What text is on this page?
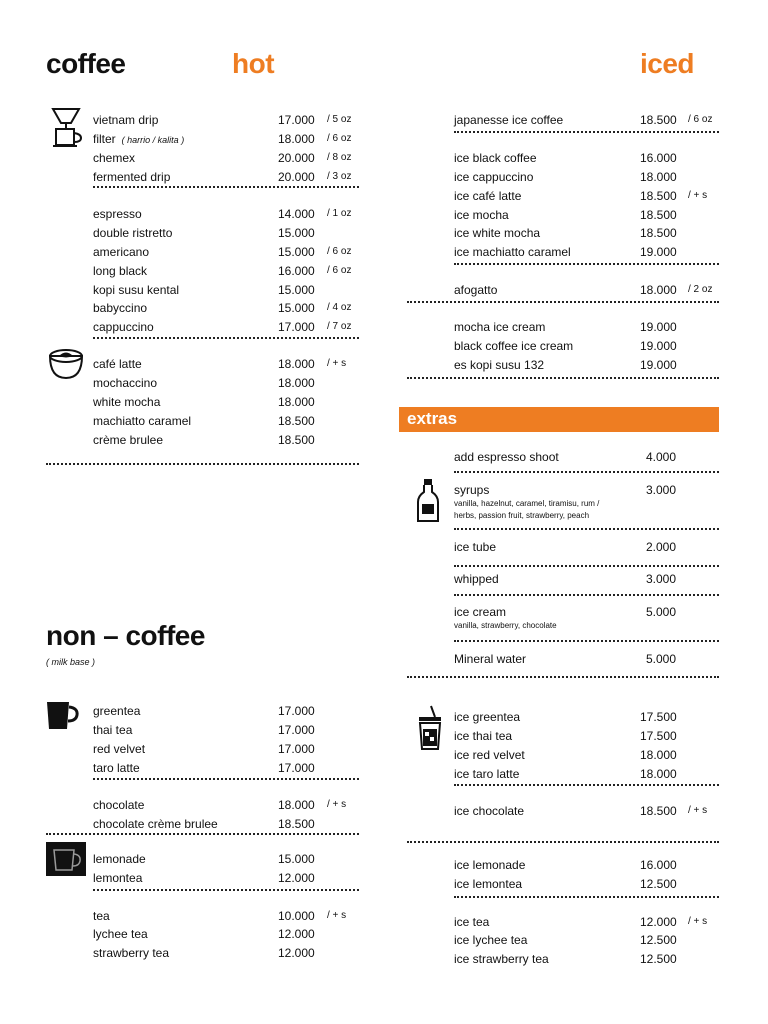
coffee	hot	iced
non – coffee
( milk base )
extras
vietnam drip	17.000 / 5 oz
filter ( harrio / kalita )	18.000 / 6 oz
chemex	20.000 / 8 oz
fermented drip	20.000 / 3 oz
espresso	14.000 / 1 oz
double ristretto	15.000
americano	15.000 / 6 oz
long black	16.000 / 6 oz
kopi susu kental	15.000
babyccino	15.000 / 4 oz
cappuccino	17.000 / 7 oz
café latte	18.000 / + s
mochaccino	18.000
white mocha	18.000
machiatto caramel	18.500
crème brulee	18.500
greentea	17.000
thai tea	17.000
red velvet	17.000
taro latte	17.000
chocolate	18.000 / + s
chocolate crème brulee	18.500
lemonade	15.000
lemontea	12.000
tea	10.000 / + s
lychee tea	12.000
strawberry tea	12.000
japanesse ice coffee	18.500 / 6 oz
ice black coffee	16.000
ice cappuccino	18.000
ice café latte	18.500 / + s
ice mocha	18.500
ice white mocha	18.500
ice machiatto caramel	19.000
afogatto	18.000 / 2 oz
mocha ice cream	19.000
black coffee ice cream	19.000
es kopi susu 132	19.000
ice greentea	17.500
ice thai tea	17.500
ice red velvet	18.000
ice taro latte	18.000
ice chocolate	18.500 / + s
ice lemonade	16.000
ice lemontea	12.500
ice tea	12.000 / + s
ice lychee tea	12.500
ice strawberry tea	12.500
add espresso shoot	4.000
syrups	3.000
vanilla, hazelnut, caramel, tiramisu, rum /
herbs, passion fruit, strawberry, peach
ice tube	2.000
whipped	3.000
ice cream	5.000
vanilla, strawberry, chocolate
Mineral water	5.000
